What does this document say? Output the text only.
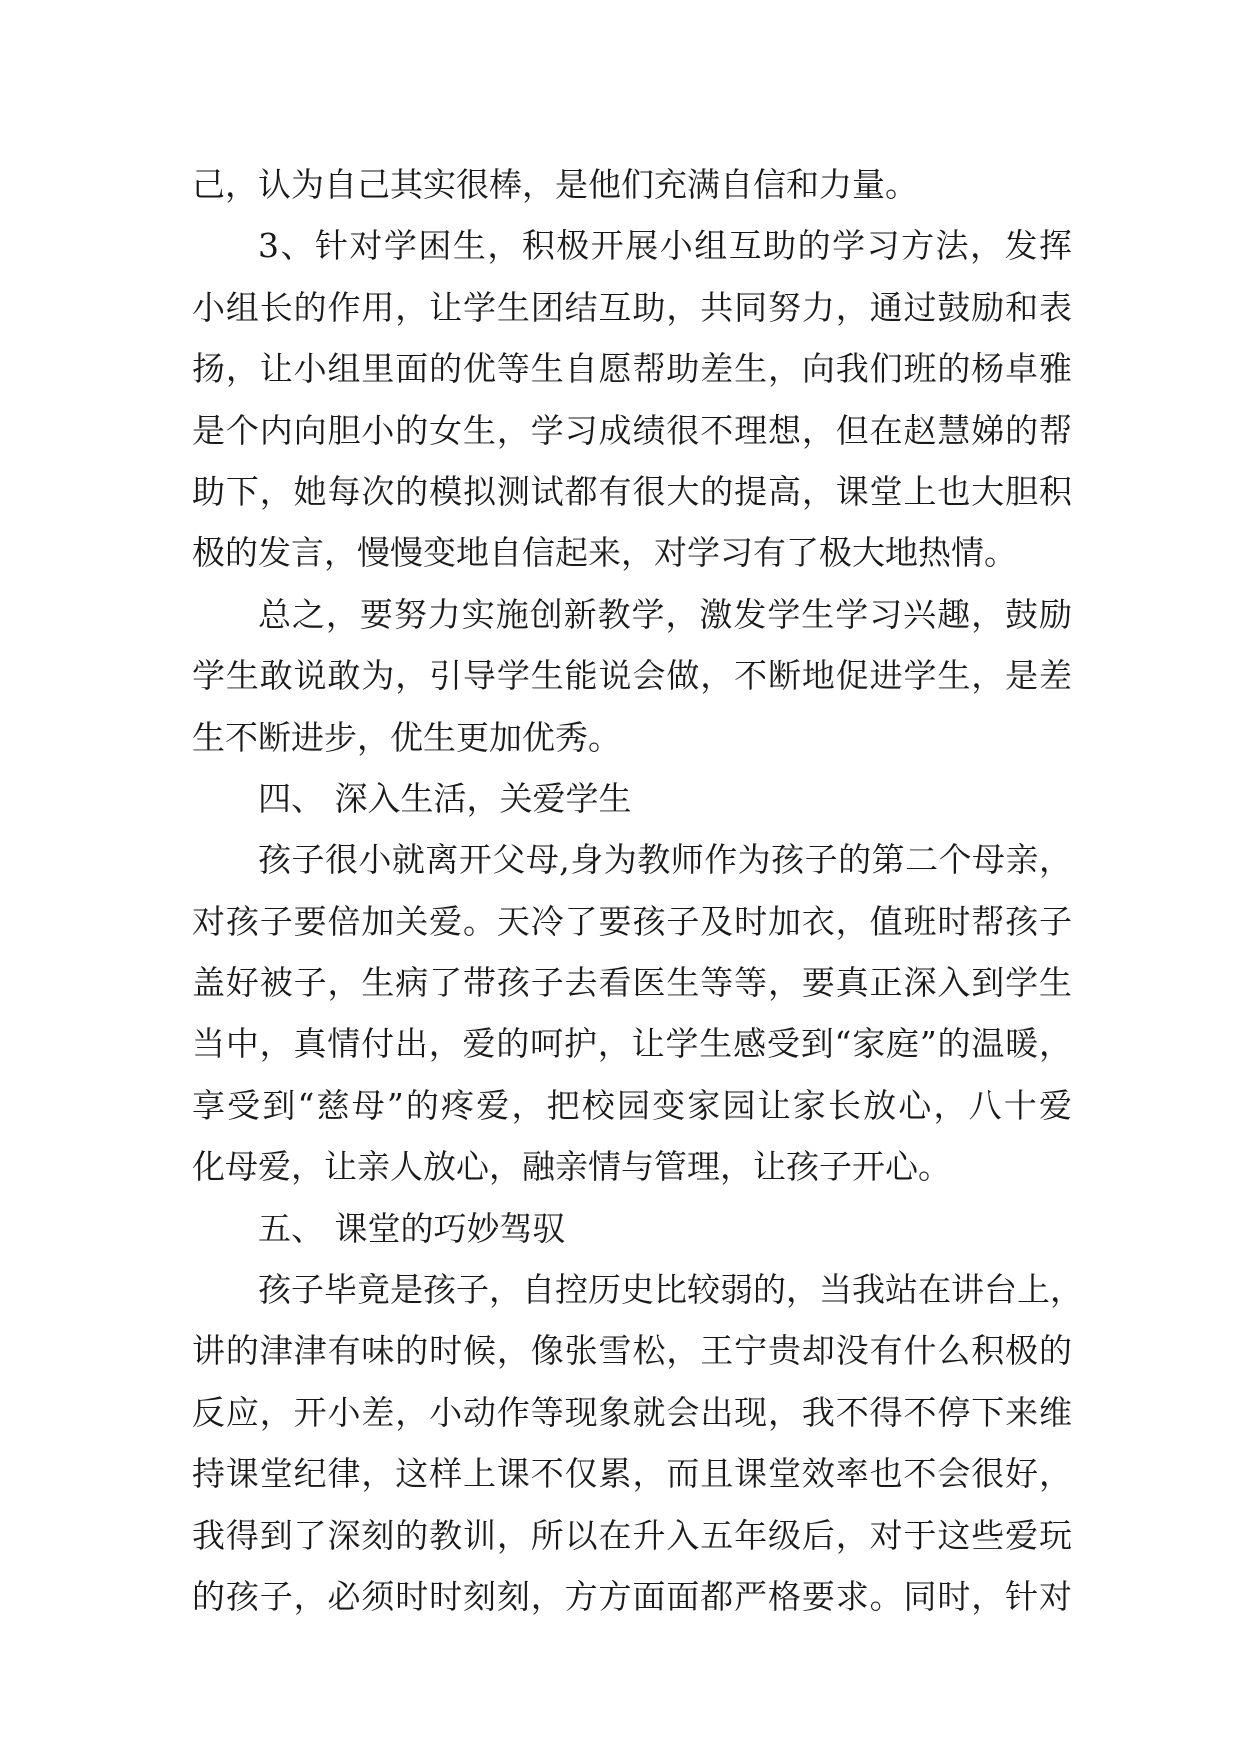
己，认为自己其实很棒，是他们充满自信和力量。
3、针对学困生，积极开展小组互助的学习方法，发挥
小组长的作用，让学生团结互助，共同努力，通过鼓励和表
扬，让小组里面的优等生自愿帮助差生，向我们班的杨卓雅
是个内向胆小的女生，学习成绩很不理想，但在赵慧娣的帮
助下，她每次的模拟测试都有很大的提高，课堂上也大胆积
极的发言，慢慢变地自信起来，对学习有了极大地热情。
总之，要努力实施创新教学，激发学生学习兴趣，鼓励
学生敢说敢为，引导学生能说会做，不断地促进学生，是差
生不断进步，优生更加优秀。
四、 深入生活，关爱学生
孩子很小就离开父母,身为教师作为孩子的第二个母亲，
对孩子要倍加关爱。天冷了要孩子及时加衣，值班时帮孩子
盖好被子，生病了带孩子去看医生等等，要真正深入到学生
当中，真情付出，爱的呵护，让学生感受到“家庭”的温暖，
享受到“慈母”的疼爱，把校园变家园让家长放心，八十爱
化母爱，让亲人放心，融亲情与管理，让孩子开心。
五、 课堂的巧妙驾驭
孩子毕竟是孩子，自控历史比较弱的，当我站在讲台上，
讲的津津有味的时候，像张雪松，王宁贵却没有什么积极的
反应，开小差，小动作等现象就会出现，我不得不停下来维
持课堂纪律，这样上课不仅累，而且课堂效率也不会很好，
我得到了深刻的教训，所以在升入五年级后，对于这些爱玩
的孩子，必须时时刻刻，方方面面都严格要求。同时，针对
